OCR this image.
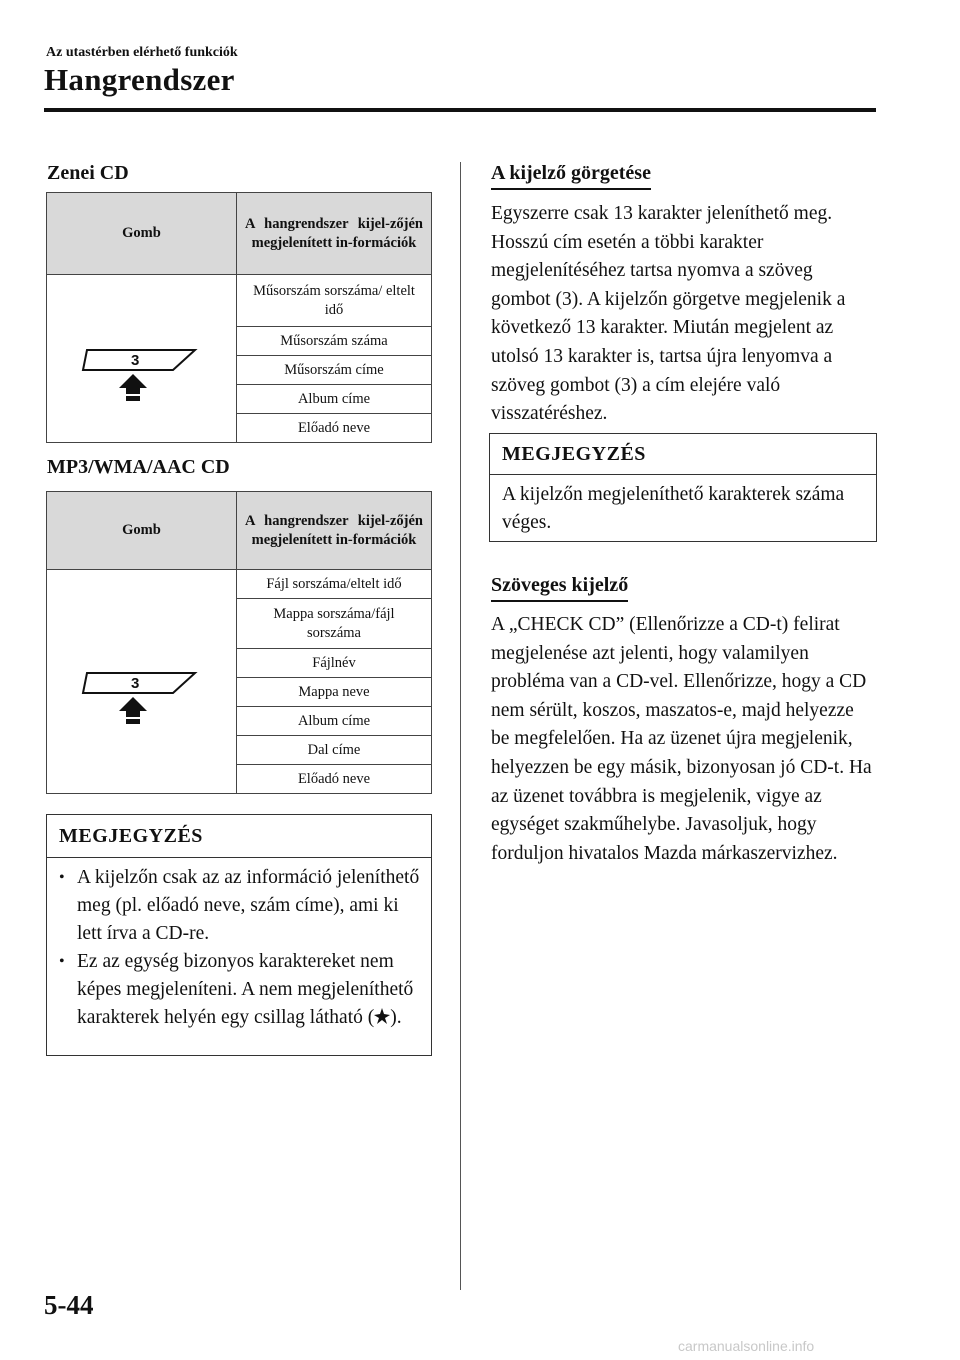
Az utastérben elérhető funkciók
Hangrendszer
Zenei CD
Gomb	A hangrendszer kijel-zőjén megjelenített in-formációk

3	Műsorszám sorszáma/ eltelt idő
	Műsorszám száma
	Műsorszám címe
	Album címe
	Előadó neve
MP3/WMA/AAC CD
Gomb	A hangrendszer kijel-zőjén megjelenített in-formációk

3	Fájl sorszáma/eltelt idő
	Mappa sorszáma/fájl sorszáma
	Fájlnév
	Mappa neve
	Album címe
	Dal címe
	Előadó neve
MEGJEGYZÉS
• A kijelzőn csak az az információ jeleníthető meg (pl. előadó neve, szám címe), ami ki lett írva a CD-re.
• Ez az egység bizonyos karaktereket nem képes megjeleníteni. A nem megjeleníthető karakterek helyén egy csillag látható ( ).
A kijelző görgetése

Egyszerre csak 13 karakter jeleníthető meg. Hosszú cím esetén a többi karakter megjelenítéséhez tartsa nyomva a szöveg gombot (3). A kijelzőn görgetve megjelenik a következő 13 karakter. Miután megjelent az utolsó 13 karakter is, tartsa újra lenyomva a szöveg gombot (3) a cím elejére való visszatéréshez.

MEGJEGYZÉS
A kijelzőn megjeleníthető karakterek száma véges.
Szöveges kijelző

A „CHECK CD” (Ellenőrizze a CD-t) felirat megjelenése azt jelenti, hogy valamilyen probléma van a CD-vel. Ellenőrizze, hogy a CD nem sérült, koszos, maszatos-e, majd helyezze be megfelelően. Ha az üzenet újra megjelenik, helyezzen be egy másik, bizonyosan jó CD-t. Ha az üzenet továbbra is megjelenik, vigye az egységet szakműhelybe. Javasoljuk, hogy forduljon hivatalos Mazda márkaszervizhez.

5-44
carmanualsonline.info
